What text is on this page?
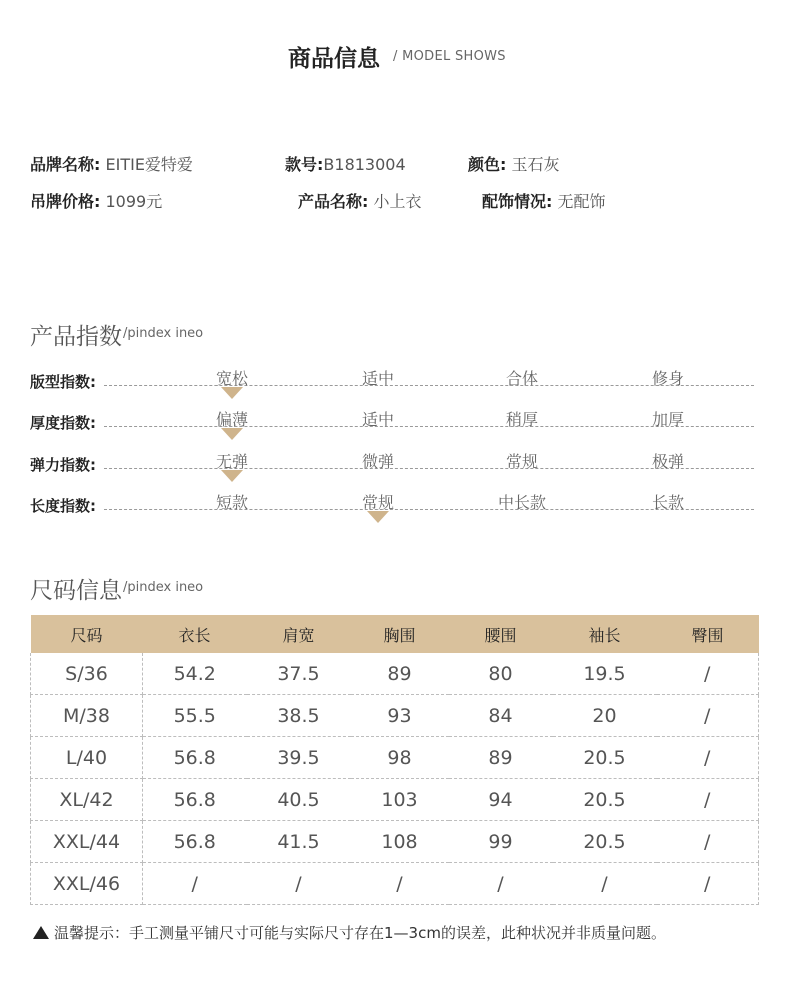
商品信息 / MODEL SHOWS
品牌名称: EITIE爱特爱	款号:B1813004	颜色: 玉石灰
吊牌价格: 1099元	产品名称: 小上衣	配饰情况: 无配饰
产品指数 /pindex ineo
版型指数:	宽松	适中	合体	修身
厚度指数:	偏薄	适中	稍厚	加厚
弹力指数:	无弹	微弹	常规	极弹
长度指数:	短款	常规	中长款	长款
尺码信息 /pindex ineo
尺码	衣长	肩宽	胸围	腰围	袖长	臀围
S/36	54.2	37.5	89	80	19.5	/
M/38	55.5	38.5	93	84	20	/
L/40	56.8	39.5	98	89	20.5	/
XL/42	56.8	40.5	103	94	20.5	/
XXL/44	56.8	41.5	108	99	20.5	/
XXL/46	/	/	/	/	/	/
温馨提示：手工测量平铺尺寸可能与实际尺寸存在1—3cm的误差，此种状况并非质量问题。
